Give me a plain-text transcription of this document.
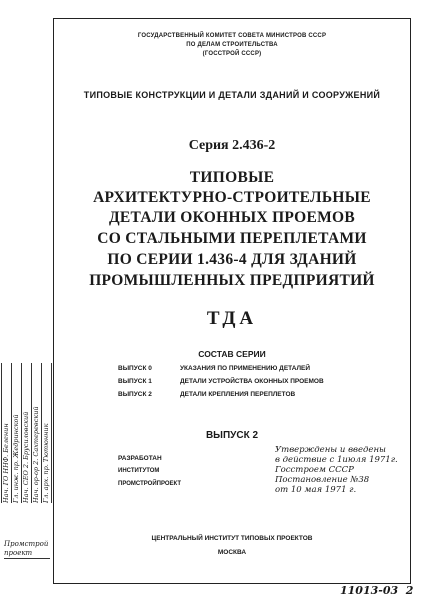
ГОСУДАРСТВЕННЫЙ КОМИТЕТ СОВЕТА МИНИСТРОВ СССР
ПО ДЕЛАМ СТРОИТЕЛЬСТВА
(ГОССТРОЙ СССР)
ТИПОВЫЕ КОНСТРУКЦИИ И ДЕТАЛИ ЗДАНИЙ И СООРУЖЕНИЙ
Серия 2.436-2
ТИПОВЫЕ
АРХИТЕКТУРНО-СТРОИТЕЛЬНЫЕ
ДЕТАЛИ ОКОННЫХ ПРОЕМОВ
СО СТАЛЬНЫМИ ПЕРЕПЛЕТАМИ
ПО СЕРИИ 1.436-4 ДЛЯ ЗДАНИЙ
ПРОМЫШЛЕННЫХ ПРЕДПРИЯТИЙ
ТДА
СОСТАВ СЕРИИ
ВЫПУСК 0	УКАЗАНИЯ ПО ПРИМЕНЕНИЮ ДЕТАЛЕЙ
ВЫПУСК 1	ДЕТАЛИ УСТРОЙСТВА ОКОННЫХ ПРОЕМОВ
ВЫПУСК 2	ДЕТАЛИ КРЕПЛЕНИЯ ПЕРЕПЛЕТОВ
ВЫПУСК 2
РАЗРАБОТАН
ИНСТИТУТОМ
ПРОМСТРОЙПРОЕКТ
Утверждены и введены
в действие с 1июля 1971г.
Госстроем СССР
Постановление №38
от 10 мая 1971 г.
ЦЕНТРАЛЬНЫЙ ИНСТИТУТ ТИПОВЫХ ПРОЕКТОВ
МОСКВА
Нач. ГО ННФ. Беленин Гл. инж. пр. Жедринской Нач. СЕО 2. Брусиловский Нач. ор-ор 2. Сахтеревский Гл. арх. пр. Тютюнник
Промстрой проект
11013-03  2
